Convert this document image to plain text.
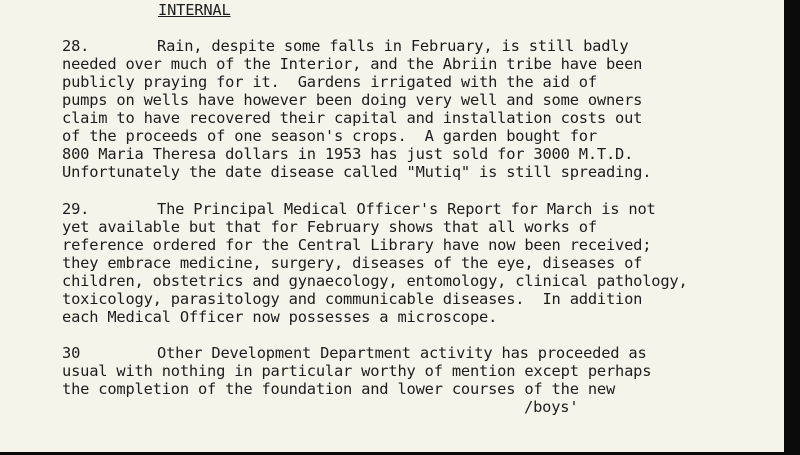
INTERNAL
28.	Rain, despite some falls in February, is still badly
needed over much of the Interior, and the Abriin tribe have been
publicly praying for it.  Gardens irrigated with the aid of
pumps on wells have however been doing very well and some owners
claim to have recovered their capital and installation costs out
of the proceeds of one season's crops.  A garden bought for
800 Maria Theresa dollars in 1953 has just sold for 3000 M.T.D.
Unfortunately the date disease called "Mutiq" is still spreading.
29.	The Principal Medical Officer's Report for March is not
yet available but that for February shows that all works of
reference ordered for the Central Library have now been received;
they embrace medicine, surgery, diseases of the eye, diseases of
children, obstetrics and gynaecology, entomology, clinical pathology,
toxicology, parasitology and communicable diseases.  In addition
each Medical Officer now possesses a microscope.
30	Other Development Department activity has proceeded as
usual with nothing in particular worthy of mention except perhaps
the completion of the foundation and lower courses of the new
/boys'
